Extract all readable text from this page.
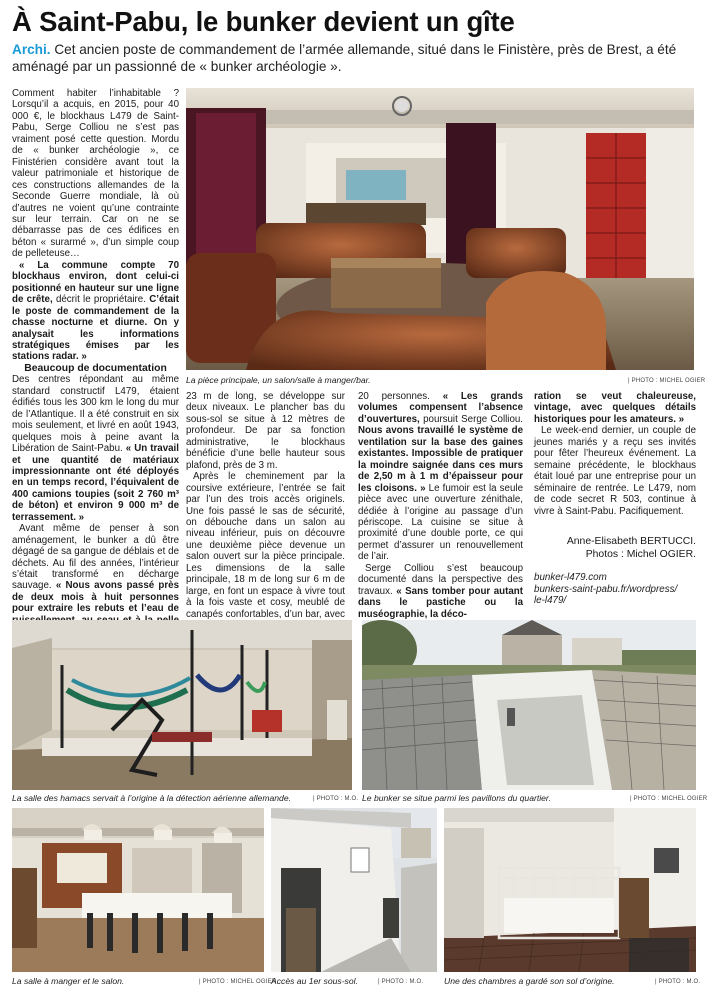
À Saint-Pabu, le bunker devient un gîte

Archi. Cet ancien poste de commandement de l’armée allemande, situé dans le Finistère, près de Brest, a été aménagé par un passionné de « bunker archéologie ».

Comment habiter l’inhabitable ? Lorsqu’il a acquis, en 2015, pour 40 000 €, le blockhaus L479 de Saint-Pabu, Serge Colliou ne s’est pas vraiment posé cette question. Mordu de « bunker archéologie », ce Finistérien considère avant tout la valeur patrimoniale et historique de ces constructions allemandes de la Seconde Guerre mondiale, là où d’autres ne voient qu’une contrainte sur leur terrain. Car on ne se débarrasse pas de ces édifices en béton « surarmé », d’un simple coup de pelleteuse…

« La commune compte 70 blockhaus environ, dont celui-ci positionné en hauteur sur une ligne de crête, décrit le propriétaire. C’était le poste de commandement de la chasse nocturne et diurne. On y analysait les informations stratégiques émises par les stations radar. »

Beaucoup de documentation

Des centres répondant au même standard constructif L479, étaient édifiés tous les 300 km le long du mur de l’Atlantique. Il a été construit en six mois seulement, et livré en août 1943, quelques mois à peine avant la Libération de Saint-Pabu. « Un travail et une quantité de matériaux impressionnante ont été déployés en un temps record, l’équivalent de 400 camions toupies (soit 2 760 m³ de béton) et environ 9 000 m³ de terrassement. »

Avant même de penser à son aménagement, le bunker a dû être dégagé de sa gangue de déblais et de déchets. Au fil des années, l’intérieur s’était transformé en décharge sauvage. « Nous avons passé près de deux mois à huit personnes pour extraire les rebuts et l’eau de

La pièce principale, un salon/salle à manger/bar.	| PHOTO : MICHEL OGIER

23 m de long, se développe sur deux niveaux. Le plancher bas du sous-sol se situe à 12 mètres de profondeur. De par sa fonction administrative, le blockhaus bénéficie d’une belle hauteur sous plafond, près de 3 m.

Après le cheminement par la coursive extérieure, l’entrée se fait par l’un des trois accès originels. Une fois passé le sas de sécurité, on débouche dans un salon au niveau inférieur, puis on découvre une deuxième pièce devenue un salon ouvert sur la pièce principale. Les dimensions de la salle principale, 18 m de long sur 6 m de large, en font un espace à vivre tout à la fois vaste et cosy, meublé de canapés confortables, d’un bar, avec

20 personnes. « Les grands volumes compensent l’absence d’ouvertures, poursuit Serge Colliou. Nous avons travaillé le système de ventilation sur la base des gaines existantes. Impossible de pratiquer la moindre saignée dans ces murs de 2,50 m à 1 m d’épaisseur pour les cloisons. » Le fumoir est la seule pièce avec une ouverture zénithale, dédiée à l’origine au passage d’un périscope. La cuisine se situe à proximité d’une double porte, ce qui permet d’assurer un renouvellement de l’air.

Serge Colliou s’est beaucoup documenté dans la perspective des travaux. « Sans tomber pour autant dans le pastiche ou la muséographie, la déco-

ration se veut chaleureuse, vintage, avec quelques détails historiques pour les amateurs. »

Le week-end dernier, un couple de jeunes mariés y a reçu ses invités pour fêter l’heureux événement. La semaine précédente, le blockhaus était loué par une entreprise pour un séminaire de rentrée. Le L479, nom de code secret R 503, continue à vivre à Saint-Pabu. Pacifiquement.

Anne-Elisabeth BERTUCCI.
Photos : Michel OGIER.
bunker-l479.com
bunkers-saint-pabu.fr/wordpress/
le-l479/
La salle des hamacs servait à l’origine à la détection aérienne allemande.	| PHOTO : M.O. Le bunker se situe parmi les pavillons du quartier.	| PHOTO : MICHEL OGIER
La salle à manger et le salon.	| PHOTO : MICHEL OGIER
Accès au 1er sous-sol.	| PHOTO : M.O. Une des chambres a gardé son sol d’origine.	| PHOTO : M.O.
